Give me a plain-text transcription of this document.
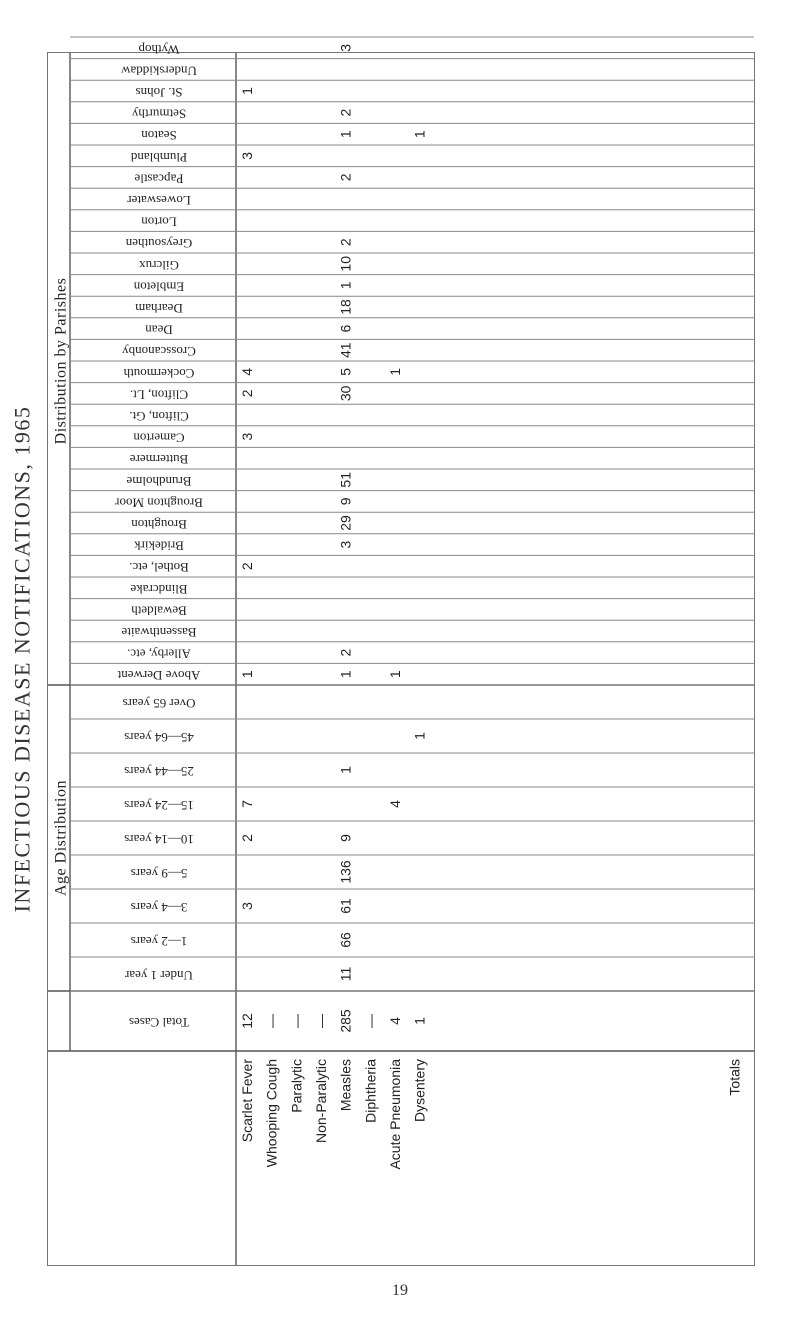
INFECTIOUS DISEASE NOTIFICATIONS, 1965 Age Distribution
Distribution by Parishes
Total Cases
Under 1 year
1—2 years
3—4 years
5—9 years
10—14 years
15—24 years
25—44 years
45—64 years
Over 65 years
Above Derwent
Allerby, etc.
Bassenthwaite
Bewaldeth
Blindcrake
Bothel, etc.
Bridekirk
Broughton
Broughton Moor
Brundholme
Buttermere
Camerton
Clifton, Gt.
Clifton, Lt.
Cockermouth
Crosscanonby
Dean
Dearham
Embleton
Gilcrux
Greysouthen
Lorton
Loweswater
Papcastle
Plumbland
Seaton
Setmurthy
St. Johns
Underskiddaw
Wythop
Scarlet Fever Whooping Cough Paralytic Non-Paralytic Measles Diphtheria Acute Pneumonia Dysentery	Totals
12
3
2
7
1
2
3
2
4
3
1
— — — 285
11
66
61
136
9
1
1
2
3
29
9
51
30
5
41
6
18
1
10
2
2
1
2
3
— 4
4
1
1
1
1
1
19
